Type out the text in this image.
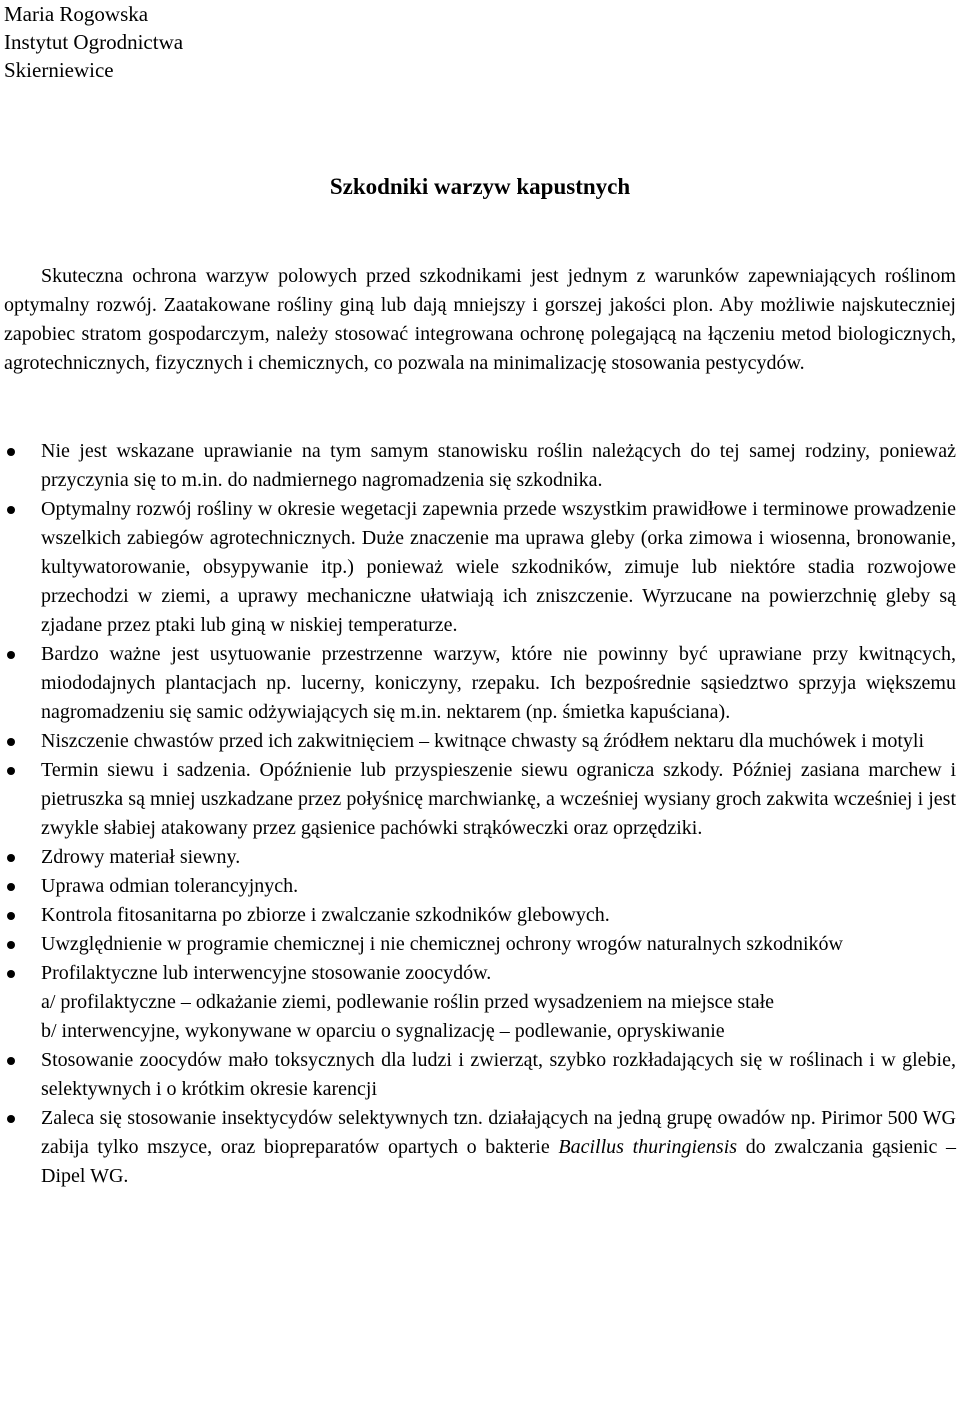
Maria Rogowska
Instytut Ogrodnictwa
Skierniewice
Szkodniki warzyw kapustnych

Skuteczna ochrona warzyw polowych przed szkodnikami jest jednym z warunków zapewniających roślinom optymalny rozwój. Zaatakowane rośliny giną lub dają mniejszy i gorszej jakości plon. Aby możliwie najskuteczniej zapobiec stratom gospodarczym, należy stosować integrowana ochronę polegającą na łączeniu metod biologicznych, agrotechnicznych, fizycznych i chemicznych, co pozwala na minimalizację stosowania pestycydów.

Nie jest wskazane uprawianie na tym samym stanowisku roślin należących do tej samej rodziny, ponieważ przyczynia się to m.in. do nadmiernego nagromadzenia się szkodnika.
Optymalny rozwój rośliny w okresie wegetacji zapewnia przede wszystkim prawidłowe i terminowe prowadzenie wszelkich zabiegów agrotechnicznych. Duże znaczenie ma uprawa gleby (orka zimowa i wiosenna, bronowanie, kultywatorowanie, obsypywanie itp.) ponieważ wiele szkodników, zimuje lub niektóre stadia rozwojowe przechodzi w ziemi, a uprawy mechaniczne ułatwiają ich zniszczenie. Wyrzucane na powierzchnię gleby są zjadane przez ptaki lub giną w niskiej temperaturze.
Bardzo ważne jest usytuowanie przestrzenne warzyw, które nie powinny być uprawiane przy kwitnących, miododajnych plantacjach np. lucerny, koniczyny, rzepaku. Ich bezpośrednie sąsiedztwo sprzyja większemu nagromadzeniu się samic odżywiających się m.in. nektarem (np. śmietka kapuściana).
Niszczenie chwastów przed ich zakwitnięciem – kwitnące chwasty są źródłem nektaru dla muchówek i motyli
Termin siewu i sadzenia. Opóźnienie lub przyspieszenie siewu ogranicza szkody. Później zasiana marchew i pietruszka są mniej uszkadzane przez połyśnicę marchwiankę, a wcześniej wysiany groch zakwita wcześniej i jest zwykle słabiej atakowany przez gąsienice pachówki strąkóweczki oraz oprzędziki.
Zdrowy materiał siewny.
Uprawa odmian tolerancyjnych.
Kontrola fitosanitarna po zbiorze i zwalczanie szkodników glebowych.
Uwzględnienie w programie chemicznej i nie chemicznej ochrony wrogów naturalnych szkodników
Profilaktyczne lub interwencyjne stosowanie zoocydów.
a/ profilaktyczne – odkażanie ziemi, podlewanie roślin przed wysadzeniem na miejsce stałe
b/ interwencyjne, wykonywane w oparciu o sygnalizację – podlewanie, opryskiwanie
Stosowanie zoocydów mało toksycznych dla ludzi i zwierząt, szybko rozkładających się w roślinach i w glebie, selektywnych i o krótkim okresie karencji
Zaleca się stosowanie insektycydów selektywnych tzn. działających na jedną grupę owadów np. Pirimor 500 WG zabija tylko mszyce, oraz biopreparatów opartych o bakterie Bacillus thuringiensis do zwalczania gąsienic – Dipel WG.
